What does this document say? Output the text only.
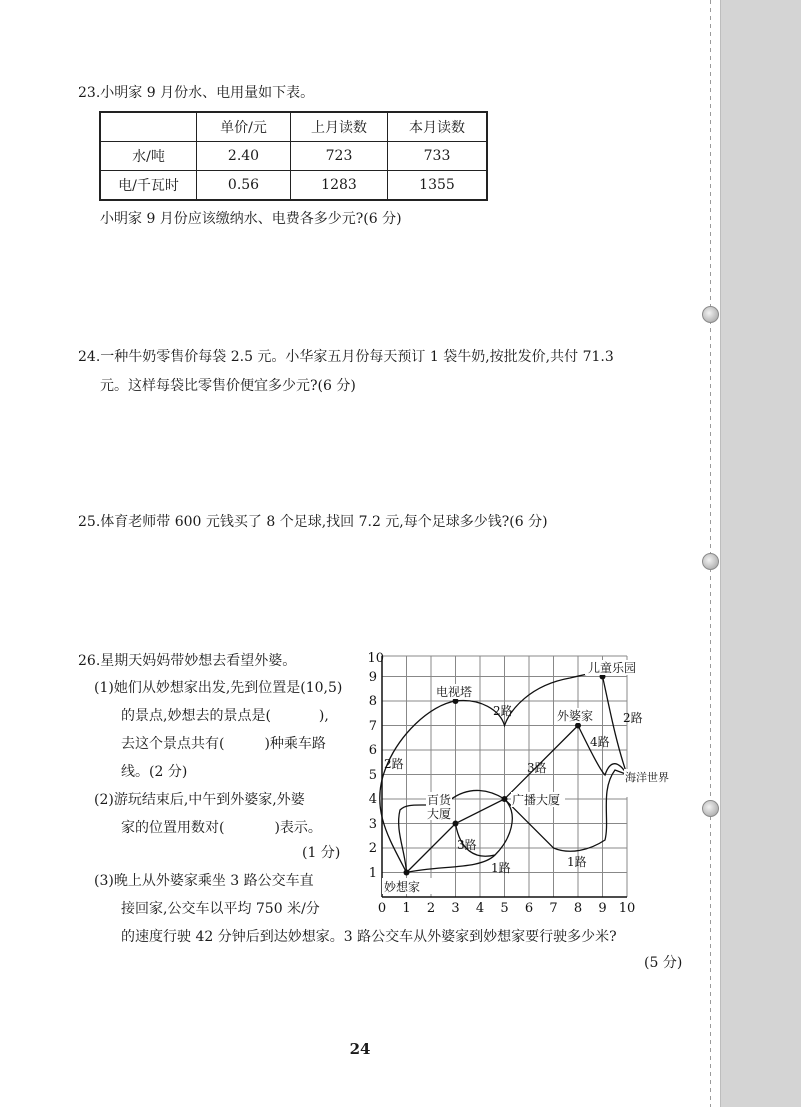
23.小明家 9 月份水、电用量如下表。
	单价/元	上月读数	本月读数
水/吨	2.40	723	733
电/千瓦时	0.56	1283	1355
小明家 9 月份应该缴纳水、电费各多少元?(6 分)
24.一种牛奶零售价每袋 2.5 元。小华家五月份每天预订 1 袋牛奶,按批发价,共付 71.3
元。这样每袋比零售价便宜多少元?(6 分)
25.体育老师带 600 元钱买了 8 个足球,找回 7.2 元,每个足球多少钱?(6 分)
26.星期天妈妈带妙想去看望外婆。
(1)她们从妙想家出发,先到位置是(10,5)
的景点,妙想去的景点是(	),
去这个景点共有(	)种乘车路
线。(2 分)
(2)游玩结束后,中午到外婆家,外婆
家的位置用数对(	)表示。
(1 分)
(3)晚上从外婆家乘坐 3 路公交车直
接回家,公交车以平均 750 米/分
的速度行驶 42 分钟后到达妙想家。3 路公交车从外婆家到妙想家要行驶多少米?
(5 分)
1
2
3
4
5
6
7
8
9
10
0 1 2 3 4 5 6 7 8 9 10
妙想家
电视塔
百货
大厦
广播大厦
外婆家
儿童乐园
海洋世界
2路
2路	2路
3路
3路
1路	1路
4路
24
